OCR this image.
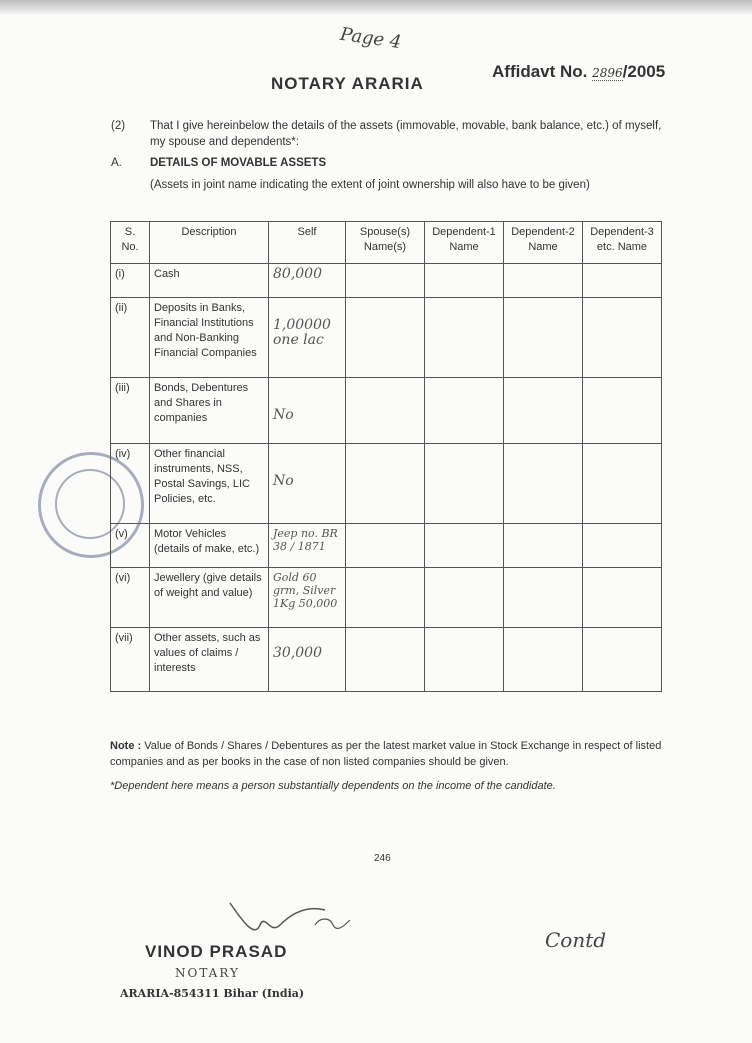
Page 4
NOTARY ARARIA
Affidavt No. 2896/2005
(2) That I give hereinbelow the details of the assets (immovable, movable, bank balance, etc.) of myself, my spouse and dependents*:
A. DETAILS OF MOVABLE ASSETS
(Assets in joint name indicating the extent of joint ownership will also have to be given)
S. No.	Description	Self	Spouse(s) Name(s)	Dependent-1 Name	Dependent-2 Name	Dependent-3 etc. Name
(i)	Cash	80,000				
(ii)	Deposits in Banks, Financial Institutions and Non-Banking Financial Companies	1,00000 one lac				
(iii)	Bonds, Debentures and Shares in companies	No				
(iv)	Other financial instruments, NSS, Postal Savings, LIC Policies, etc.	No				
(v)	Motor Vehicles (details of make, etc.)	Jeep no. BR 38 / 1871				
(vi)	Jewellery (give details of weight and value)	Gold 60 grm, Silver 1Kg 50,000				
(vii)	Other assets, such as values of claims / interests	30,000				
Note : Value of Bonds / Shares / Debentures as per the latest market value in Stock Exchange in respect of listed companies and as per books in the case of non listed companies should be given.
*Dependent here means a person substantially dependents on the income of the candidate.
246
VINOD PRASAD
NOTARY
ARARIA-854311 Bihar (India)
Contd
